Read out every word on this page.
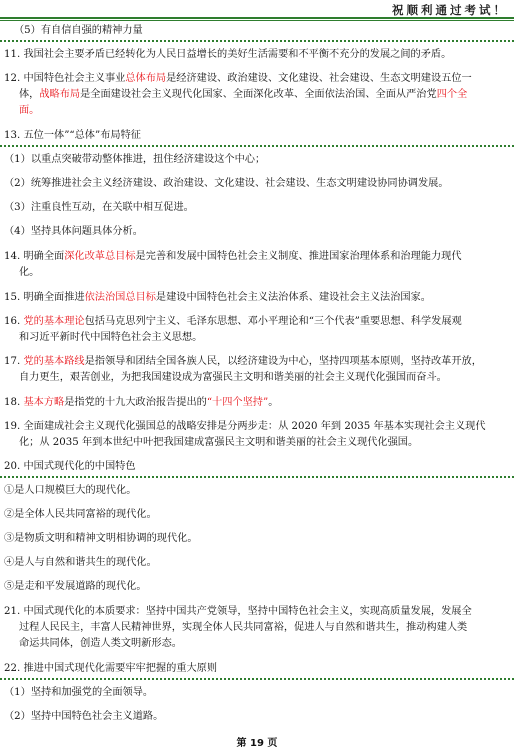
祝顺利通过考试！
（5）有自信自强的精神力量
11. 我国社会主要矛盾已经转化为人民日益增长的美好生活需要和不平衡不充分的发展之间的矛盾。
12. 中国特色社会主义事业总体布局是经济建设、政治建设、文化建设、社会建设、生态文明建设五位一
体，战略布局是全面建设社会主义现代化国家、全面深化改革、全面依法治国、全面从严治党四个全
面。
13. 五位一体”“总体”布局特征
（1）以重点突破带动整体推进，扭住经济建设这个中心；
（2）统筹推进社会主义经济建设、政治建设、文化建设、社会建设、生态文明建设协同协调发展。
（3）注重良性互动，在关联中相互促进。
（4）坚持具体问题具体分析。
14. 明确全面深化改革总目标是完善和发展中国特色社会主义制度、推进国家治理体系和治理能力现代
化。
15. 明确全面推进依法治国总目标是建设中国特色社会主义法治体系、建设社会主义法治国家。
16. 党的基本理论包括马克思列宁主义、毛泽东思想、邓小平理论和“三个代表”重要思想、科学发展观
和习近平新时代中国特色社会主义思想。
17. 党的基本路线是指领导和团结全国各族人民，以经济建设为中心，坚持四项基本原则，坚持改革开放，
自力更生，艰苦创业，为把我国建设成为富强民主文明和谐美丽的社会主义现代化强国而奋斗。
18. 基本方略是指党的十九大政治报告提出的“十四个坚持”。
19. 全面建成社会主义现代化强国总的战略安排是分两步走：从 2020 年到 2035 年基本实现社会主义现代
化；从 2035 年到本世纪中叶把我国建成富强民主文明和谐美丽的社会主义现代化强国。
20. 中国式现代化的中国特色
①是人口规模巨大的现代化。
②是全体人民共同富裕的现代化。
③是物质文明和精神文明相协调的现代化。
④是人与自然和谐共生的现代化。
⑤是走和平发展道路的现代化。
21. 中国式现代化的本质要求：坚持中国共产党领导，坚持中国特色社会主义，实现高质量发展，发展全
过程人民民主，丰富人民精神世界，实现全体人民共同富裕，促进人与自然和谐共生，推动构建人类
命运共同体，创造人类文明新形态。
22. 推进中国式现代化需要牢牢把握的重大原则
（1）坚持和加强党的全面领导。
（2）坚持中国特色社会主义道路。
第 19 页
